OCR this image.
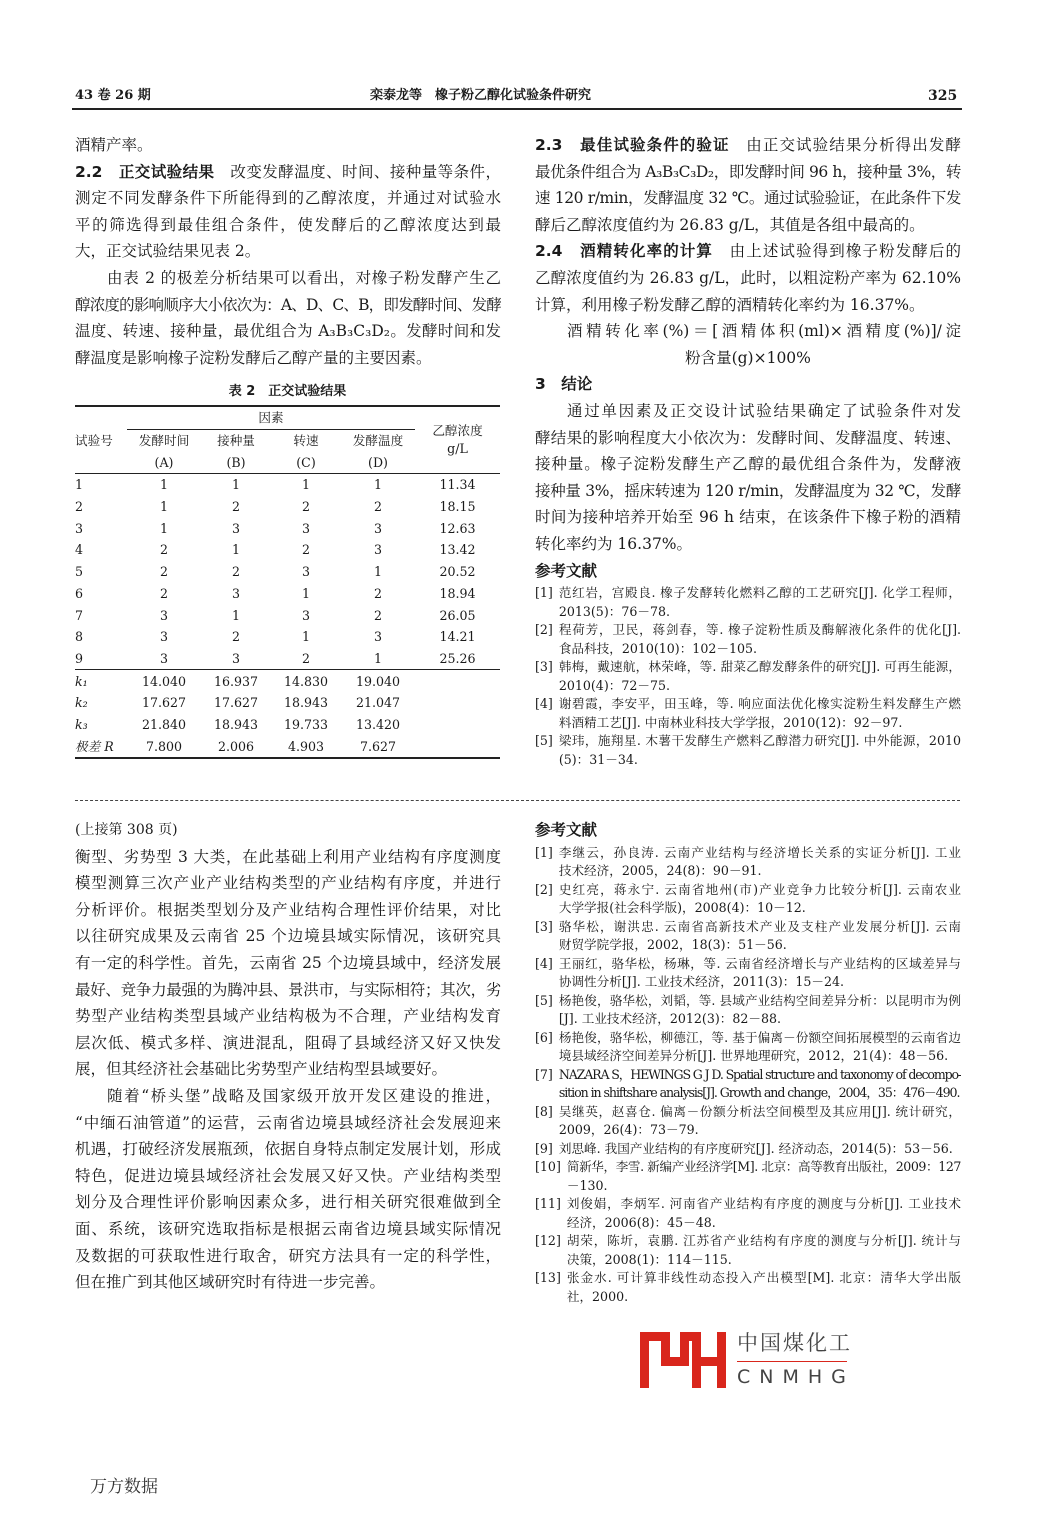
43 卷 26 期	栾泰龙等　橡子粉乙醇化试验条件研究	325
酒精产率。
2.2　正交试验结果　改变发酵温度、时间、接种量等条件，
测定不同发酵条件下所能得到的乙醇浓度，并通过对试验水
平的筛选得到最佳组合条件，使发酵后的乙醇浓度达到最
大，正交试验结果见表 2。
由表 2 的极差分析结果可以看出，对橡子粉发酵产生乙
醇浓度的影响顺序大小依次为：A、D、C、B，即发酵时间、发酵
温度、转速、接种量，最优组合为 A₃B₃C₃D₂。发酵时间和发
酵温度是影响橡子淀粉发酵后乙醇产量的主要因素。
表 2　正交试验结果
试验号	因素				乙醇浓度
g/L

	发酵时间	接种量	转速	发酵温度	
	(A)	(B)	(C)	(D)	
1	1	1	1	1	11.34
2	1	2	2	2	18.15
3	1	3	3	3	12.63
4	2	1	2	3	13.42
5	2	2	3	1	20.52
6	2	3	1	2	18.94
7	3	1	3	2	26.05
8	3	2	1	3	14.21
9	3	3	2	1	25.26
k₁	14.040	16.937	14.830	19.040	
k₂	17.627	17.627	18.943	21.047	
k₃	21.840	18.943	19.733	13.420	
极差 R	7.800	2.006	4.903	7.627	
2.3　最佳试验条件的验证　由正交试验结果分析得出发酵
最优条件组合为 A₃B₃C₃D₂，即发酵时间 96 h，接种量 3%，转
速 120 r/min，发酵温度 32 ℃。通过试验验证，在此条件下发
酵后乙醇浓度值约为 26.83 g/L，其值是各组中最高的。
2.4　酒精转化率的计算　由上述试验得到橡子粉发酵后的
乙醇浓度值约为 26.83 g/L，此时，以粗淀粉产率为 62.10%
计算，利用橡子粉发酵乙醇的酒精转化率约为 16.37%。
酒精转化率(%)＝[酒精体积(ml)×酒精度(%)]/淀
粉含量(g)×100%
3　结论
通过单因素及正交设计试验结果确定了试验条件对发
酵结果的影响程度大小依次为：发酵时间、发酵温度、转速、
接种量。橡子淀粉发酵生产乙醇的最优组合条件为，发酵液
接种量 3%，摇床转速为 120 r/min，发酵温度为 32 ℃，发酵
时间为接种培养开始至 96 h 结束，在该条件下橡子粉的酒精
转化率约为 16.37%。
参考文献
[1] 范红岩，宫殿良. 橡子发酵转化燃料乙醇的工艺研究[J]. 化学工程师，
2013(5)：76－78.
[2] 程荷芳，卫民，蒋剑春，等. 橡子淀粉性质及酶解液化条件的优化[J].
食品科技，2010(10)：102－105.
[3] 韩梅，戴速航，林荣峰，等. 甜菜乙醇发酵条件的研究[J]. 可再生能源，
2010(4)：72－75.
[4] 谢碧霞，李安平，田玉峰，等. 响应面法优化橡实淀粉生料发酵生产燃
料酒精工艺[J]. 中南林业科技大学学报，2010(12)：92－97.
[5] 梁玮，施翔星. 木薯干发酵生产燃料乙醇潜力研究[J]. 中外能源，2010
(5)：31－34.
(上接第 308 页)
衡型、劣势型 3 大类，在此基础上利用产业结构有序度测度
模型测算三次产业产业结构类型的产业结构有序度，并进行
分析评价。根据类型划分及产业结构合理性评价结果，对比
以往研究成果及云南省 25 个边境县域实际情况，该研究具
有一定的科学性。首先，云南省 25 个边境县域中，经济发展
最好、竞争力最强的为腾冲县、景洪市，与实际相符；其次，劣
势型产业结构类型县域产业结构极为不合理，产业结构发育
层次低、模式多样、演进混乱，阻碍了县域经济又好又快发
展，但其经济社会基础比劣势型产业结构型县域要好。
随着“桥头堡”战略及国家级开放开发区建设的推进，
“中缅石油管道”的运营，云南省边境县域经济社会发展迎来
机遇，打破经济发展瓶颈，依据自身特点制定发展计划，形成
特色，促进边境县域经济社会发展又好又快。产业结构类型
划分及合理性评价影响因素众多，进行相关研究很难做到全
面、系统，该研究选取指标是根据云南省边境县域实际情况
及数据的可获取性进行取舍，研究方法具有一定的科学性，
但在推广到其他区域研究时有待进一步完善。
参考文献
[1] 李继云，孙良涛. 云南产业结构与经济增长关系的实证分析[J]. 工业
技术经济，2005，24(8)：90－91.
[2] 史红亮，蒋永宁. 云南省地州(市)产业竞争力比较分析[J]. 云南农业
大学学报(社会科学版)，2008(4)：10－12.
[3] 骆华松，谢洪忠. 云南省高新技术产业及支柱产业发展分析[J]. 云南
财贸学院学报，2002，18(3)：51－56.
[4] 王丽红，骆华松，杨琳，等. 云南省经济增长与产业结构的区域差异与
协调性分析[J]. 工业技术经济，2011(3)：15－24.
[5] 杨艳俊，骆华松，刘韬，等. 县域产业结构空间差异分析：以昆明市为例
[J]. 工业技术经济，2012(3)：82－88.
[6] 杨艳俊，骆华松，柳德江，等. 基于偏离－份额空间拓展模型的云南省边
境县域经济空间差异分析[J]. 世界地理研究，2012，21(4)：48－56.
[7] NAZARA S，HEWINGS G J D. Spatial structure and taxonomy of decompo-
sition in shiftshare analysis[J]. Growth and change，2004，35：476－490.
[8] 吴继英，赵喜仓. 偏离－份额分析法空间模型及其应用[J]. 统计研究，
2009，26(4)：73－79.
[9] 刘思峰. 我国产业结构的有序度研究[J]. 经济动态，2014(5)：53－56.
[10] 简新华，李雪. 新编产业经济学[M]. 北京：高等教育出版社，2009：127
－130.
[11] 刘俊娟，李炳军. 河南省产业结构有序度的测度与分析[J]. 工业技术
经济，2006(8)：45－48.
[12] 胡荣，陈圻，袁鹏. 江苏省产业结构有序度的测度与分析[J]. 统计与
决策，2008(1)：114－115.
[13] 张金水. 可计算非线性动态投入产出模型[M]. 北京：清华大学出版
社，2000.
中国煤化工
CNMHG
万方数据
